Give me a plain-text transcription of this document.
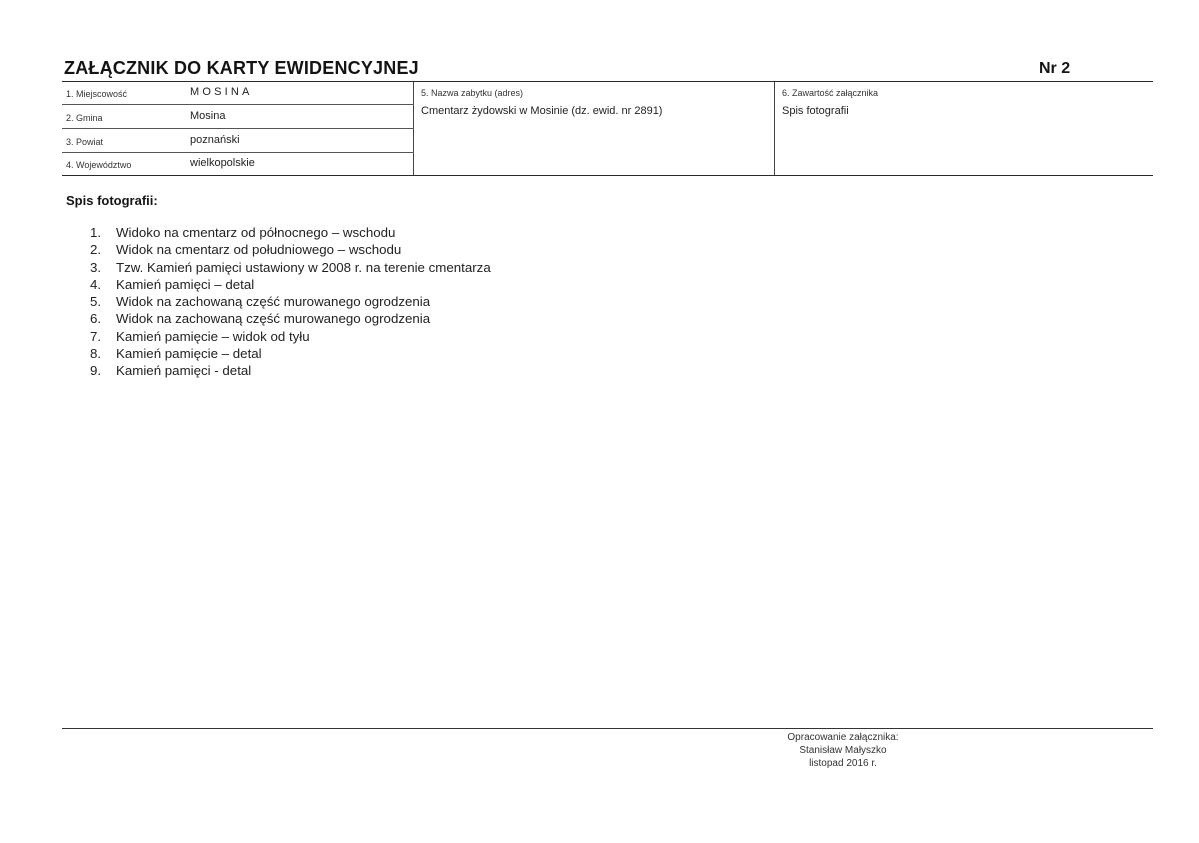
ZAŁĄCZNIK DO KARTY EWIDENCYJNEJ	Nr 2
1. Miejscowość	MOSINA
2. Gmina	Mosina
3. Powiat	poznański
4. Województwo	wielkopolskie
5. Nazwa zabytku (adres)
Cmentarz żydowski w Mosinie (dz. ewid. nr 2891)
6. Zawartość załącznika
Spis fotografii
Spis fotografii:
1. Widoko na cmentarz od północnego – wschodu
2. Widok na cmentarz od południowego – wschodu
3. Tzw. Kamień pamięci ustawiony w 2008 r. na terenie cmentarza
4. Kamień pamięci – detal
5. Widok na zachowaną część murowanego ogrodzenia
6. Widok na zachowaną część murowanego ogrodzenia
7. Kamień pamięcie – widok od tyłu
8. Kamień pamięcie – detal
9. Kamień pamięci - detal
Opracowanie załącznika:
Stanisław Małyszko
listopad 2016 r.
